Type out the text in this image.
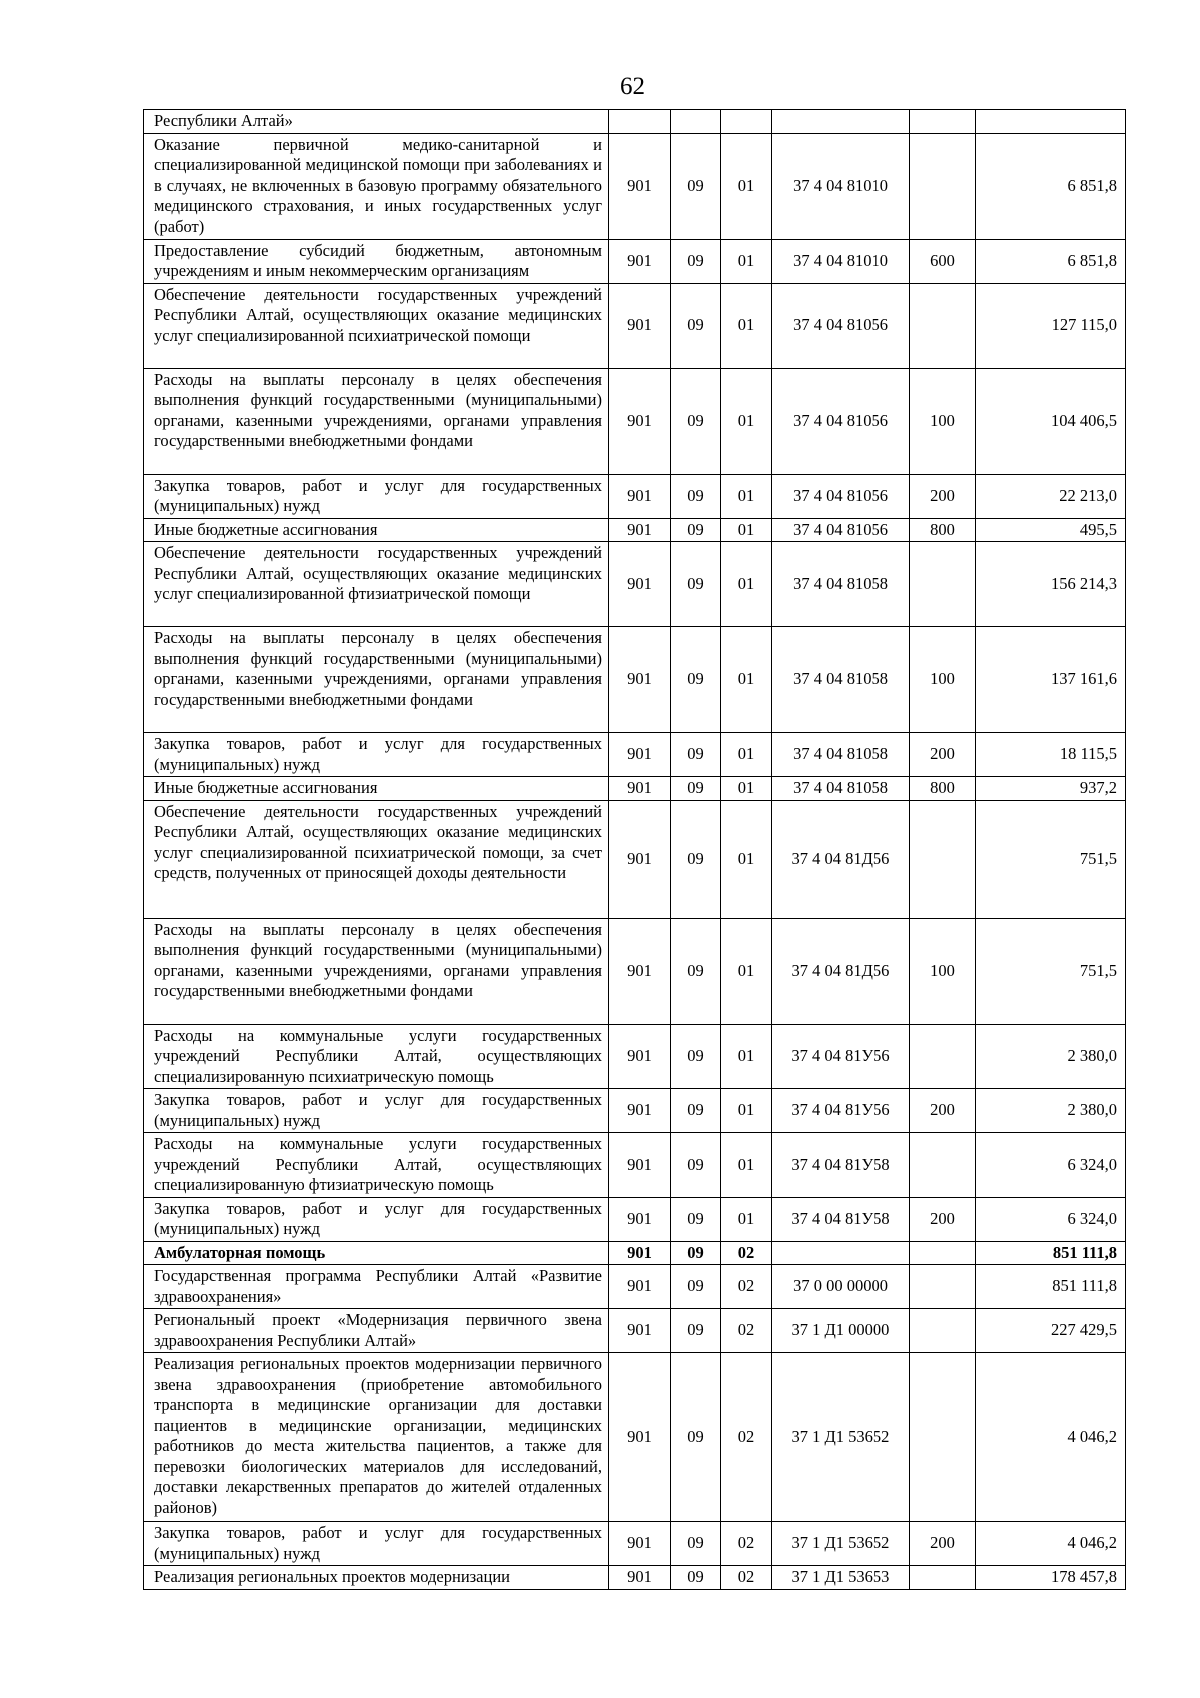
62
Республики Алтай»						
Оказание первичной медико-санитарной и специализированной медицинской помощи при заболеваниях и в случаях, не включенных в базовую программу обязательного медицинского страхования, и иных государственных услуг (работ)	901	09	01	37 4 04 81010		6 851,8
Предоставление субсидий бюджетным, автономным учреждениям и иным некоммерческим организациям	901	09	01	37 4 04 81010	600	6 851,8
Обеспечение деятельности государственных учреждений Республики Алтай, осуществляющих оказание медицинских услуг специализированной психиатрической помощи	901	09	01	37 4 04 81056		127 115,0
Расходы на выплаты персоналу в целях обеспечения выполнения функций государственными (муниципальными) органами, казенными учреждениями, органами управления государственными внебюджетными фондами	901	09	01	37 4 04 81056	100	104 406,5
Закупка товаров, работ и услуг для государственных (муниципальных) нужд	901	09	01	37 4 04 81056	200	22 213,0
Иные бюджетные ассигнования	901	09	01	37 4 04 81056	800	495,5
Обеспечение деятельности государственных учреждений Республики Алтай, осуществляющих оказание медицинских услуг специализированной фтизиатрической помощи	901	09	01	37 4 04 81058		156 214,3
Расходы на выплаты персоналу в целях обеспечения выполнения функций государственными (муниципальными) органами, казенными учреждениями, органами управления государственными внебюджетными фондами	901	09	01	37 4 04 81058	100	137 161,6
Закупка товаров, работ и услуг для государственных (муниципальных) нужд	901	09	01	37 4 04 81058	200	18 115,5
Иные бюджетные ассигнования	901	09	01	37 4 04 81058	800	937,2
Обеспечение деятельности государственных учреждений Республики Алтай, осуществляющих оказание медицинских услуг специализированной психиатрической помощи, за счет средств, полученных от приносящей доходы деятельности	901	09	01	37 4 04 81Д56		751,5
Расходы на выплаты персоналу в целях обеспечения выполнения функций государственными (муниципальными) органами, казенными учреждениями, органами управления государственными внебюджетными фондами	901	09	01	37 4 04 81Д56	100	751,5
Расходы на коммунальные услуги государственных учреждений Республики Алтай, осуществляющих специализированную психиатрическую помощь	901	09	01	37 4 04 81У56		2 380,0
Закупка товаров, работ и услуг для государственных (муниципальных) нужд	901	09	01	37 4 04 81У56	200	2 380,0
Расходы на коммунальные услуги государственных учреждений Республики Алтай, осуществляющих специализированную фтизиатрическую помощь	901	09	01	37 4 04 81У58		6 324,0
Закупка товаров, работ и услуг для государственных (муниципальных) нужд	901	09	01	37 4 04 81У58	200	6 324,0
Амбулаторная помощь	901	09	02			851 111,8
Государственная программа Республики Алтай «Развитие здравоохранения»	901	09	02	37 0 00 00000		851 111,8
Региональный проект «Модернизация первичного звена здравоохранения Республики Алтай»	901	09	02	37 1 Д1 00000		227 429,5
Реализация региональных проектов модернизации первичного звена здравоохранения (приобретение автомобильного транспорта в медицинские организации для доставки пациентов в медицинские организации, медицинских работников до места жительства пациентов, а также для перевозки биологических материалов для исследований, доставки лекарственных препаратов до жителей отдаленных районов)	901	09	02	37 1 Д1 53652		4 046,2
Закупка товаров, работ и услуг для государственных (муниципальных) нужд	901	09	02	37 1 Д1 53652	200	4 046,2
Реализация региональных проектов модернизации	901	09	02	37 1 Д1 53653		178 457,8
